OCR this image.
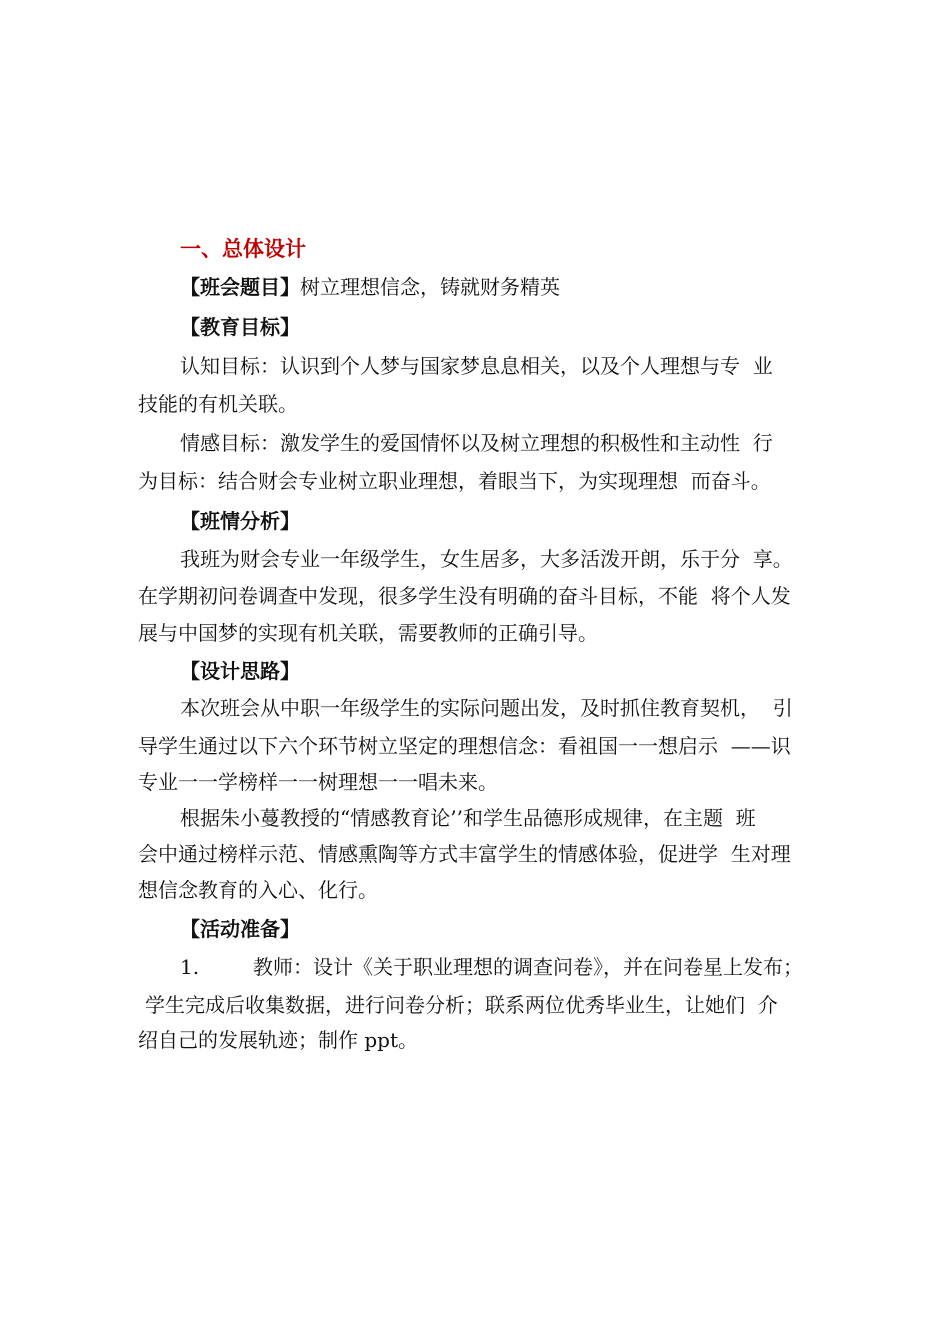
一、总体设计
【班会题目】树立理想信念，铸就财务精英
【教育目标】
认知目标：认识到个人梦与国家梦息息相关，以及个人理想与专  业
技能的有机关联。
情感目标：激发学生的爱国情怀以及树立理想的积极性和主动性  行
为目标：结合财会专业树立职业理想，着眼当下，为实现理想  而奋斗。
【班情分析】
我班为财会专业一年级学生，女生居多，大多活泼开朗，乐于分  享。
在学期初问卷调查中发现，很多学生没有明确的奋斗目标，不能  将个人发
展与中国梦的实现有机关联，需要教师的正确引导。
【设计思路】
本次班会从中职一年级学生的实际问题出发，及时抓住教育契机，  引
导学生通过以下六个环节树立坚定的理想信念：看祖国一一想启示  ——识
专业一一学榜样一一树理想一一唱未来。
根据朱小蔓教授的“情感教育论’’和学生品德形成规律，在主题  班
会中通过榜样示范、情感熏陶等方式丰富学生的情感体验，促进学  生对理
想信念教育的入心、化行。
【活动准备】
1.	教师：设计《关于职业理想的调查问卷》，并在问卷星上发布；
学生完成后收集数据，进行问卷分析；联系两位优秀毕业生，让她们  介
绍自己的发展轨迹；制作 ppt。
